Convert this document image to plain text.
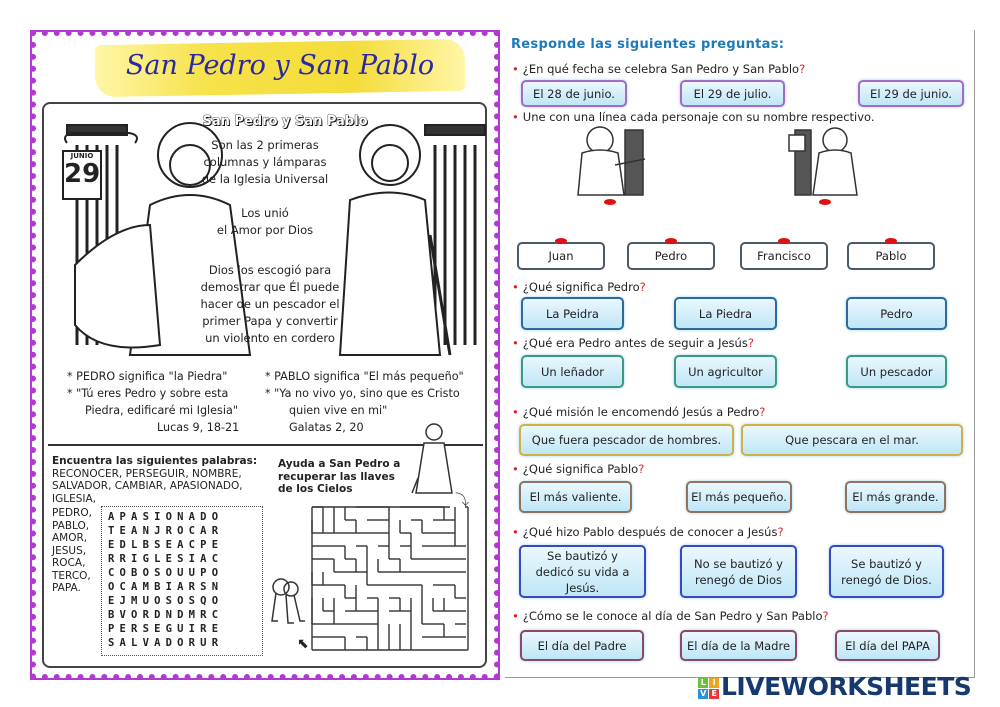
San Pedro y San Pablo
JUNIO
29
San Pedro y San Pablo
Son las 2 primeras
columnas y lámparas
de la Iglesia Universal
Los unió
el Amor por Dios
Dios los escogió para
demostrar que Él puede
hacer de un pescador el
primer Papa y convertir
un violento en cordero
* PEDRO significa "la Piedra"
* "Tú eres Pedro y sobre esta
Piedra, edificaré mi Iglesia"
Lucas 9, 18-21
* PABLO significa "El más pequeño"
* "Ya no vivo yo, sino que es Cristo
quien vive en mi"
Galatas 2, 20
Encuentra las siguientes palabras:
RECONOCER, PERSEGUIR, NOMBRE,
SALVADOR, CAMBIAR, APASIONADO,
IGLESIA,
PEDRO,
PABLO,
AMOR,
JESUS,
ROCA,
TERCO,
PAPA.
APASIONADO
TEANJROCAR
EDLBSEACPE
RRIGLESIAC
COBOSOUUPO
OCAMBIARSN
EJMUOSOSQO
BVORDNDMRC
PERSEGUIRE
SALVADORUR
Ayuda a San Pedro a
recuperar las llaves
de los Cielos
⬉
⤵
Responde las siguientes preguntas:
• ¿En qué fecha se celebra San Pedro y San Pablo?
El 28 de junio.	El 29 de julio.	El 29 de junio.
• Une con una línea cada personaje con su nombre respectivo.
Juan	Pedro	Francisco	Pablo
• ¿Qué significa Pedro?
La Peidra	La Piedra	Pedro
• ¿Qué era Pedro antes de seguir a Jesús?
Un leñador	Un agricultor	Un pescador
• ¿Qué misión le encomendó Jesús a Pedro?
Que fuera pescador de hombres.	Que pescara en el mar.
• ¿Qué significa Pablo?
El más valiente.	El más pequeño.	El más grande.
• ¿Qué hizo Pablo después de conocer a Jesús?
Se bautizó y dedicó su vida a Jesús.
No se bautizó y renegó de Dios
Se bautizó y renegó de Dios.
• ¿Cómo se le conoce al día de San Pedro y San Pablo?
El día del Padre	El día de la Madre	El día del PAPA
L I
V E LIVEWORKSHEETS
